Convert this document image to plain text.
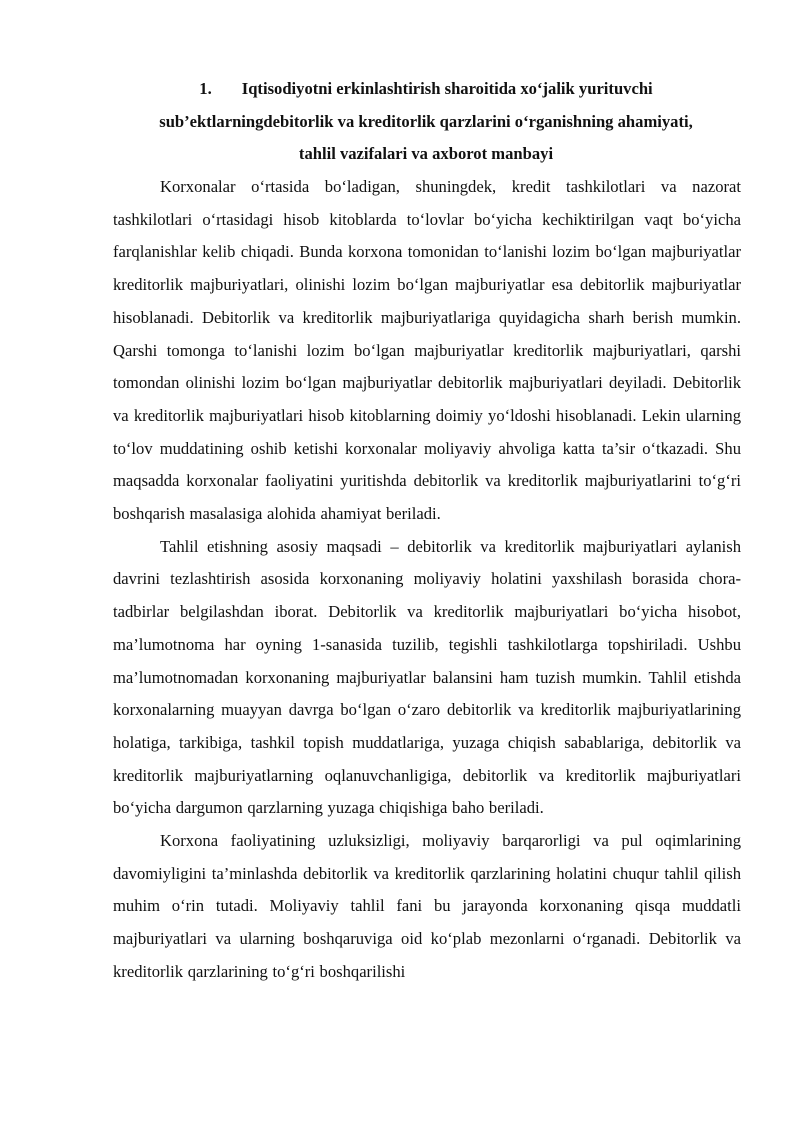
1. Iqtisodiyotni erkinlashtirish sharoitida xo‘jalik yurituvchi
sub’ektlarningdebitorlik va kreditorlik qarzlarini o‘rganishning ahamiyati,
tahlil vazifalari va axborot manbayi

Korxonalar o‘rtasida bo‘ladigan, shuningdek, kredit tashkilotlari va nazorat tashkilotlari o‘rtasidagi hisob kitoblarda to‘lovlar bo‘yicha kechiktirilgan vaqt bo‘yicha farqlanishlar kelib chiqadi. Bunda korxona tomonidan to‘lanishi lozim bo‘lgan majburiyatlar kreditorlik majburiyatlari, olinishi lozim bo‘lgan majburiyatlar esa debitorlik majburiyatlar hisoblanadi. Debitorlik va kreditorlik majburiyatlariga quyidagicha sharh berish mumkin. Qarshi tomonga to‘lanishi lozim bo‘lgan majburiyatlar kreditorlik majburiyatlari, qarshi tomondan olinishi lozim bo‘lgan majburiyatlar debitorlik majburiyatlari deyiladi. Debitorlik va kreditorlik majburiyatlari hisob kitoblarning doimiy yo‘ldoshi hisoblanadi. Lekin ularning to‘lov muddatining oshib ketishi korxonalar moliyaviy ahvoliga katta ta’sir o‘tkazadi. Shu maqsadda korxonalar faoliyatini yuritishda debitorlik va kreditorlik majburiyatlarini to‘g‘ri boshqarish masalasiga alohida ahamiyat beriladi.

Tahlil etishning asosiy maqsadi – debitorlik va kreditorlik majburiyatlari aylanish davrini tezlashtirish asosida korxonaning moliyaviy holatini yaxshilash borasida chora-tadbirlar belgilashdan iborat. Debitorlik va kreditorlik majburiyatlari bo‘yicha hisobot, ma’lumotnoma har oyning 1-sanasida tuzilib, tegishli tashkilotlarga topshiriladi. Ushbu ma’lumotnomadan korxonaning majburiyatlar balansini ham tuzish mumkin. Tahlil etishda korxonalarning muayyan davrga bo‘lgan o‘zaro debitorlik va kreditorlik majburiyatlarining holatiga, tarkibiga, tashkil topish muddatlariga, yuzaga chiqish sabablariga, debitorlik va kreditorlik majburiyatlarning oqlanuvchanligiga, debitorlik va kreditorlik majburiyatlari bo‘yicha dargumon qarzlarning yuzaga chiqishiga baho beriladi.

Korxona faoliyatining uzluksizligi, moliyaviy barqarorligi va pul oqimlarining davomiyligini ta’minlashda debitorlik va kreditorlik qarzlarining holatini chuqur tahlil qilish muhim o‘rin tutadi. Moliyaviy tahlil fani bu jarayonda korxonaning qisqa muddatli majburiyatlari va ularning boshqaruviga oid ko‘plab mezonlarni o‘rganadi. Debitorlik va kreditorlik qarzlarining to‘g‘ri boshqarilishi
